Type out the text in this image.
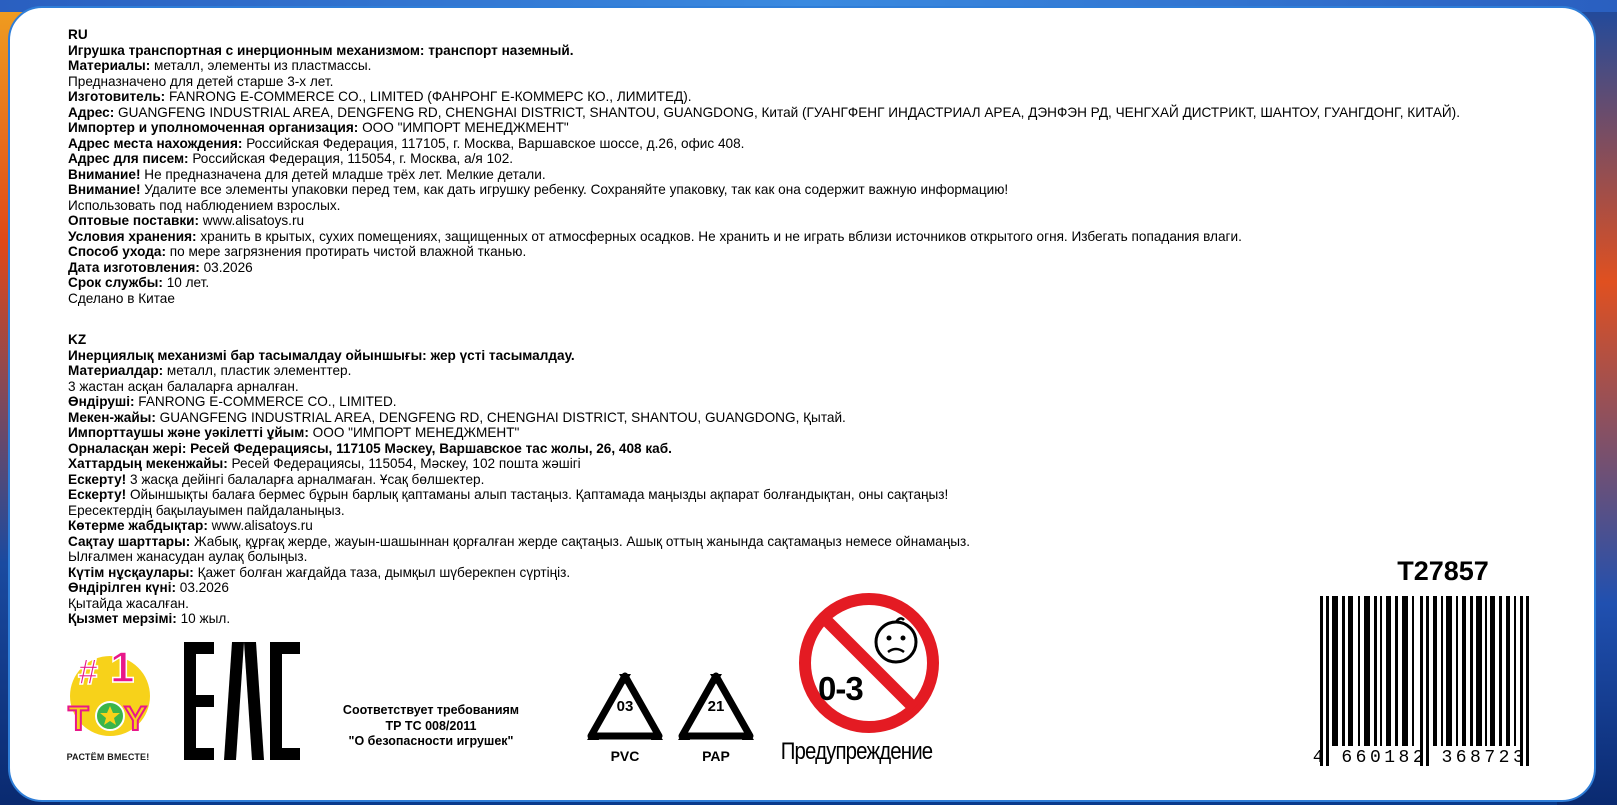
RU
Игрушка транспортная с инерционным механизмом: транспорт наземный.
Материалы: металл, элементы из пластмассы.
Предназначено для детей старше 3-х лет.
Изготовитель: FANRONG E-COMMERCE CO., LIMITED (ФАНРОНГ Е-КОММЕРС КО., ЛИМИТЕД).
Адрес: GUANGFENG INDUSTRIAL AREA, DENGFENG RD, CHENGHAI DISTRICT, SHANTOU, GUANGDONG, Китай (ГУАНГФЕНГ ИНДАСТРИАЛ АРЕА, ДЭНФЭН РД, ЧЕНГХАЙ ДИСТРИКТ, ШАНТОУ, ГУАНГДОНГ, КИТАЙ).
Импортер и уполномоченная организация: ООО "ИМПОРТ МЕНЕДЖМЕНТ"
Адрес места нахождения: Российская Федерация, 117105, г. Москва, Варшавское шоссе, д.26, офис 408.
Адрес для писем: Российская Федерация, 115054, г. Москва, а/я 102.
Внимание! Не предназначена для детей младше трёх лет. Мелкие детали.
Внимание! Удалите все элементы упаковки перед тем, как дать игрушку ребенку. Сохраняйте упаковку, так как она содержит важную информацию!
Использовать под наблюдением взрослых.
Оптовые поставки: www.alisatoys.ru
Условия хранения: хранить в крытых, сухих помещениях, защищенных от атмосферных осадков. Не хранить и не играть вблизи источников открытого огня. Избегать попадания влаги.
Способ ухода: по мере загрязнения протирать чистой влажной тканью.
Дата изготовления: 03.2026
Срок службы: 10 лет.
Сделано в Китае
KZ
Инерциялық механизмі бар тасымалдау ойыншығы: жер үсті тасымалдау.
Материалдар: металл, пластик элементтер.
3 жастан асқан балаларға арналған.
Өндіруші: FANRONG E-COMMERCE CO., LIMITED.
Мекен-жайы: GUANGFENG INDUSTRIAL AREA, DENGFENG RD, CHENGHAI DISTRICT, SHANTOU, GUANGDONG, Қытай.
Импорттаушы және уәкілетті ұйым: ООО "ИМПОРТ МЕНЕДЖМЕНТ"
Орналасқан жері: Ресей Федерациясы, 117105 Мәскеу, Варшавское тас жолы, 26, 408 каб.
Хаттардың мекенжайы: Ресей Федерациясы, 115054, Мәскеу, 102 пошта жәшігі
Ескерту! 3 жасқа дейінгі балаларға арналмаған. Ұсақ бөлшектер.
Ескерту! Ойыншықты балаға бермес бұрын барлық қаптаманы алып тастаңыз. Қаптамада маңызды ақпарат болғандықтан, оны сақтаңыз!
Ересектердің бақылауымен пайдаланыңыз.
Көтерме жабдықтар: www.alisatoys.ru
Сақтау шарттары: Жабық, құрғақ жерде, жауын-шашыннан қорғалған жерде сақтаңыз. Ашық оттың жанында сақтамаңыз немесе ойнамаңыз.
Ылғалмен жанасудан аулақ болыңыз.
Күтім нұсқаулары: Қажет болған жағдайда таза, дымқыл шүберекпен сүртіңіз.
Өндірілген күні: 03.2026
Қытайда жасалған.
Қызмет мерзімі: 10 жыл.
# 1
T Y
РАСТЁМ ВМЕСТЕ!
Соответствует требованиям
ТР ТС 008/2011
"О безопасности игрушек"
03
PVC
21
PAP
0-3
Предупреждение
T27857
4 660182 368723
